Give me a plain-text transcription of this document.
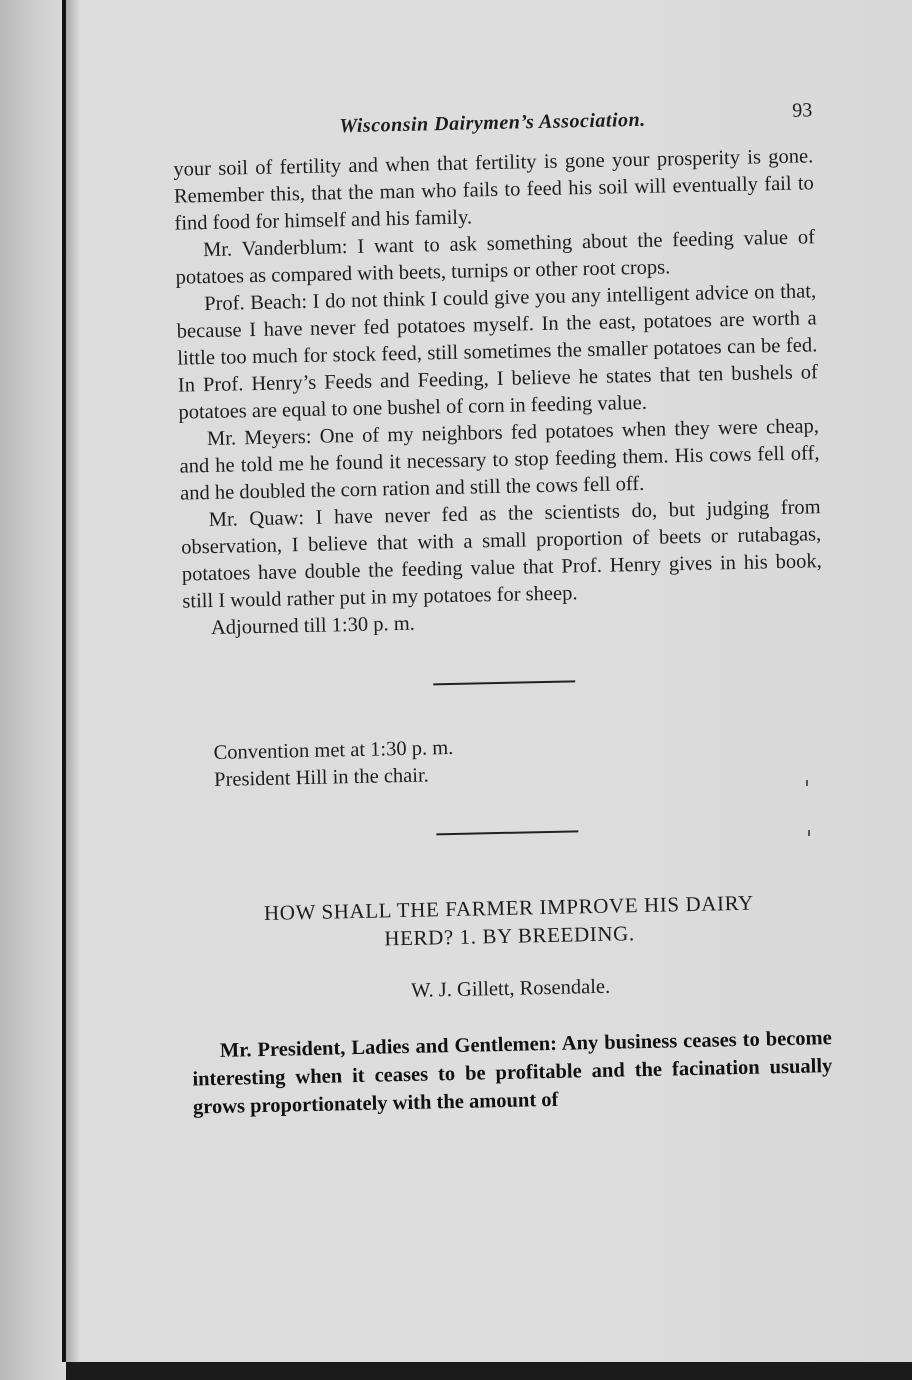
Wisconsin Dairymen’s Association.	93

your soil of fertility and when that fertility is gone your prosperity is gone. Remember this, that the man who fails to feed his soil will eventually fail to find food for himself and his family.

Mr. Vanderblum: I want to ask something about the feeding value of potatoes as compared with beets, turnips or other root crops.

Prof. Beach: I do not think I could give you any intelligent advice on that, because I have never fed potatoes myself. In the east, potatoes are worth a little too much for stock feed, still sometimes the smaller potatoes can be fed. In Prof. Henry’s Feeds and Feeding, I believe he states that ten bushels of potatoes are equal to one bushel of corn in feeding value.

Mr. Meyers: One of my neighbors fed potatoes when they were cheap, and he told me he found it necessary to stop feeding them. His cows fell off, and he doubled the corn ration and still the cows fell off.

Mr. Quaw: I have never fed as the scientists do, but judging from observation, I believe that with a small proportion of beets or rutabagas, potatoes have double the feeding value that Prof. Henry gives in his book, still I would rather put in my potatoes for sheep.

Adjourned till 1:30 p. m.

Convention met at 1:30 p. m.

President Hill in the chair.

HOW SHALL THE FARMER IMPROVE HIS DAIRY

HERD? 1. BY BREEDING.

W. J. Gillett, Rosendale.

Mr. President, Ladies and Gentlemen: Any business ceases to become interesting when it ceases to be profitable and the facination usually grows proportionately with the amount of
